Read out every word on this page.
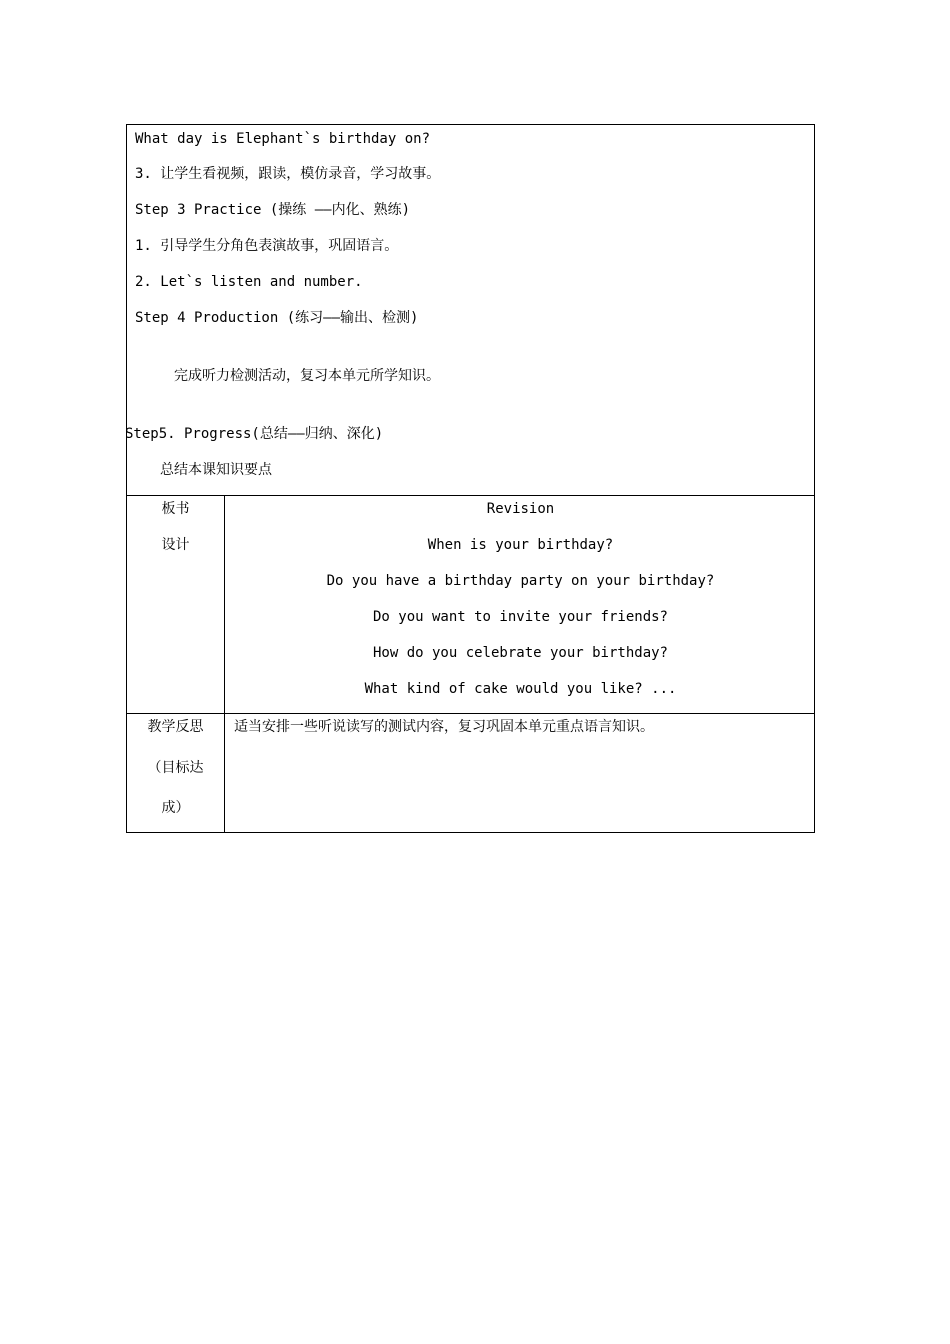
What day is Elephant`s birthday on?
3. 让学生看视频，跟读，模仿录音，学习故事。
Step 3 Practice (操练 ——内化、熟练)
1. 引导学生分角色表演故事，巩固语言。
2. Let`s listen and number.
Step 4 Production (练习——输出、检测)
完成听力检测活动，复习本单元所学知识。
Step5. Progress(总结——归纳、深化)
总结本课知识要点
板书
设计
Revision
When is your birthday?
Do you have a birthday party on your birthday?
Do you want to invite your friends?
How do you celebrate your birthday?
What kind of cake would you like? ...
教学反思
（目标达
成）
适当安排一些听说读写的测试内容，复习巩固本单元重点语言知识。
